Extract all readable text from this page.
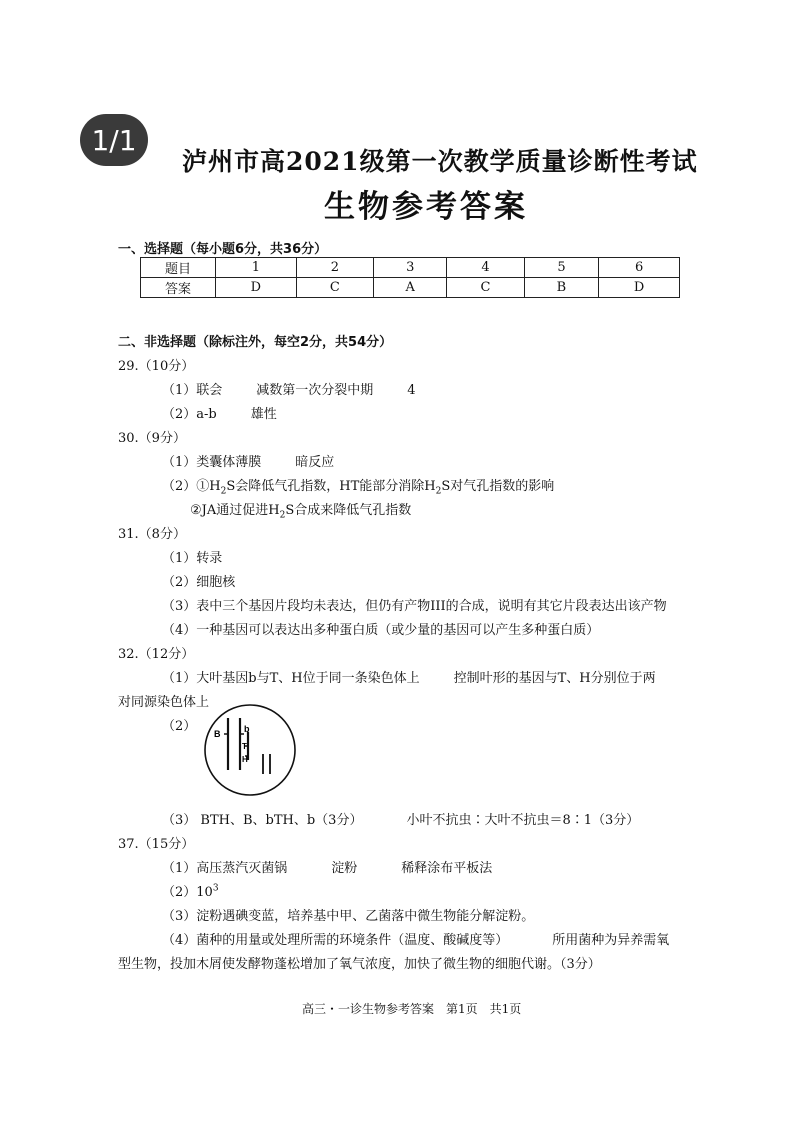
1/1
泸州市高2021级第一次教学质量诊断性考试
生物参考答案
一、选择题（每小题6分，共36分）
题目	1	2	3	4	5	6
答案	D	C	A	C	B	D
二、非选择题（除标注外，每空2分，共54分）
29.（10分）
（1）联会	减数第一次分裂中期	4
（2）a-b	雄性
30.（9分）
（1）类囊体薄膜	暗反应
$(2)①H_2S$会降低气孔指数，HT能部分消除$H_2S$对气孔指数的影响
②JA通过促进$H_2S$合成来降低气孔指数
31.（8分）
（1）转录
（2）细胞核
（3）表中三个基因片段均未表达，但仍有产物III的合成，说明有其它片段表达出该产物
（4）一种基因可以表达出多种蛋白质（或少量的基因可以产生多种蛋白质）
32.（12分）
（1）大叶基因b与T、H位于同一条染色体上	控制叶形的基因与T、H分别位于两
对同源染色体上
（2） B	b
T
H
（3） BTH、B、bTH、b（3分）	小叶不抗虫∶大叶不抗虫＝8∶1（3分）
37.（15分）
（1）高压蒸汽灭菌锅	淀粉	稀释涂布平板法
$(2)10^3$
（3）淀粉遇碘变蓝，培养基中甲、乙菌落中微生物能分解淀粉。
（4）菌种的用量或处理所需的环境条件（温度、酸碱度等）	所用菌种为异养需氧
型生物，投加木屑使发酵物蓬松增加了氧气浓度，加快了微生物的细胞代谢。（3分）
高三・一诊生物参考答案　第1页　共1页
